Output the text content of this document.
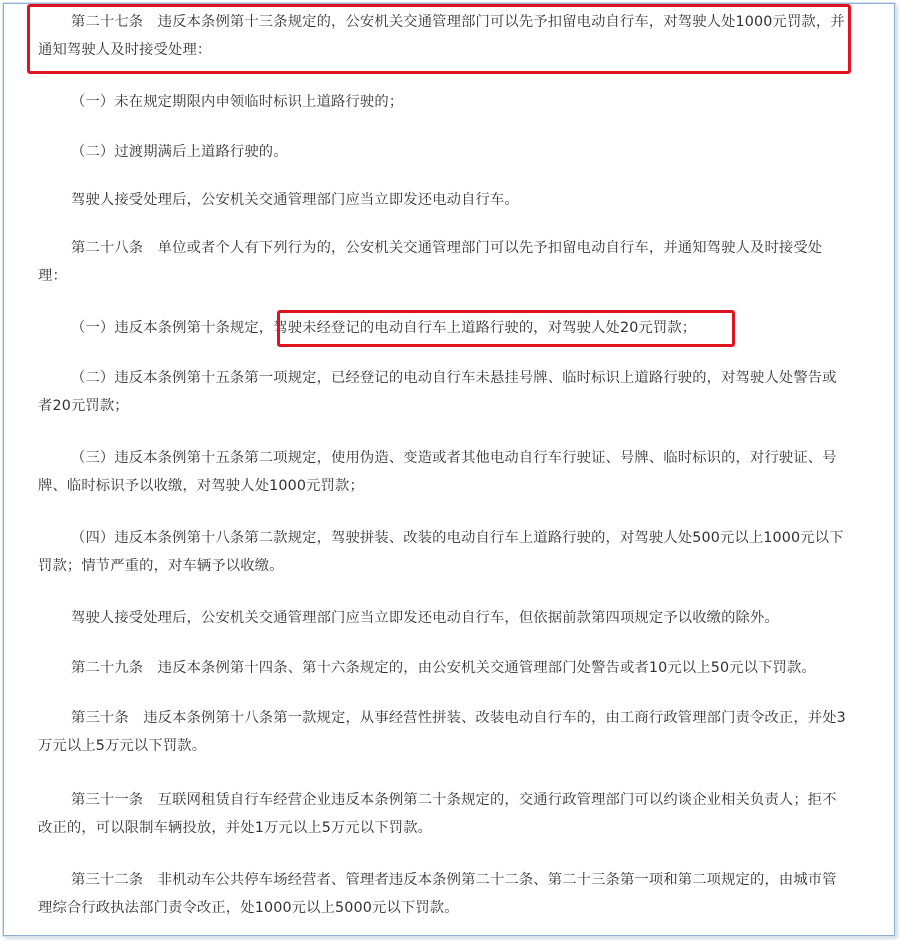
第二十七条　违反本条例第十三条规定的，公安机关交通管理部门可以先予扣留电动自行车，对驾驶人处1000元罚款，并通知驾驶人及时接受处理：

（一）未在规定期限内申领临时标识上道路行驶的；

（二）过渡期满后上道路行驶的。

驾驶人接受处理后，公安机关交通管理部门应当立即发还电动自行车。

第二十八条　单位或者个人有下列行为的，公安机关交通管理部门可以先予扣留电动自行车，并通知驾驶人及时接受处理：

（一）违反本条例第十条规定，驾驶未经登记的电动自行车上道路行驶的，对驾驶人处20元罚款；

（二）违反本条例第十五条第一项规定，已经登记的电动自行车未悬挂号牌、临时标识上道路行驶的，对驾驶人处警告或者20元罚款；

（三）违反本条例第十五条第二项规定，使用伪造、变造或者其他电动自行车行驶证、号牌、临时标识的，对行驶证、号牌、临时标识予以收缴，对驾驶人处1000元罚款；

（四）违反本条例第十八条第二款规定，驾驶拼装、改装的电动自行车上道路行驶的，对驾驶人处500元以上1000元以下罚款；情节严重的，对车辆予以收缴。

驾驶人接受处理后，公安机关交通管理部门应当立即发还电动自行车，但依据前款第四项规定予以收缴的除外。

第二十九条　违反本条例第十四条、第十六条规定的，由公安机关交通管理部门处警告或者10元以上50元以下罚款。

第三十条　违反本条例第十八条第一款规定，从事经营性拼装、改装电动自行车的，由工商行政管理部门责令改正，并处3万元以上5万元以下罚款。

第三十一条　互联网租赁自行车经营企业违反本条例第二十条规定的，交通行政管理部门可以约谈企业相关负责人；拒不改正的，可以限制车辆投放，并处1万元以上5万元以下罚款。

第三十二条　非机动车公共停车场经营者、管理者违反本条例第二十二条、第二十三条第一项和第二项规定的，由城市管理综合行政执法部门责令改正，处1000元以上5000元以下罚款。
